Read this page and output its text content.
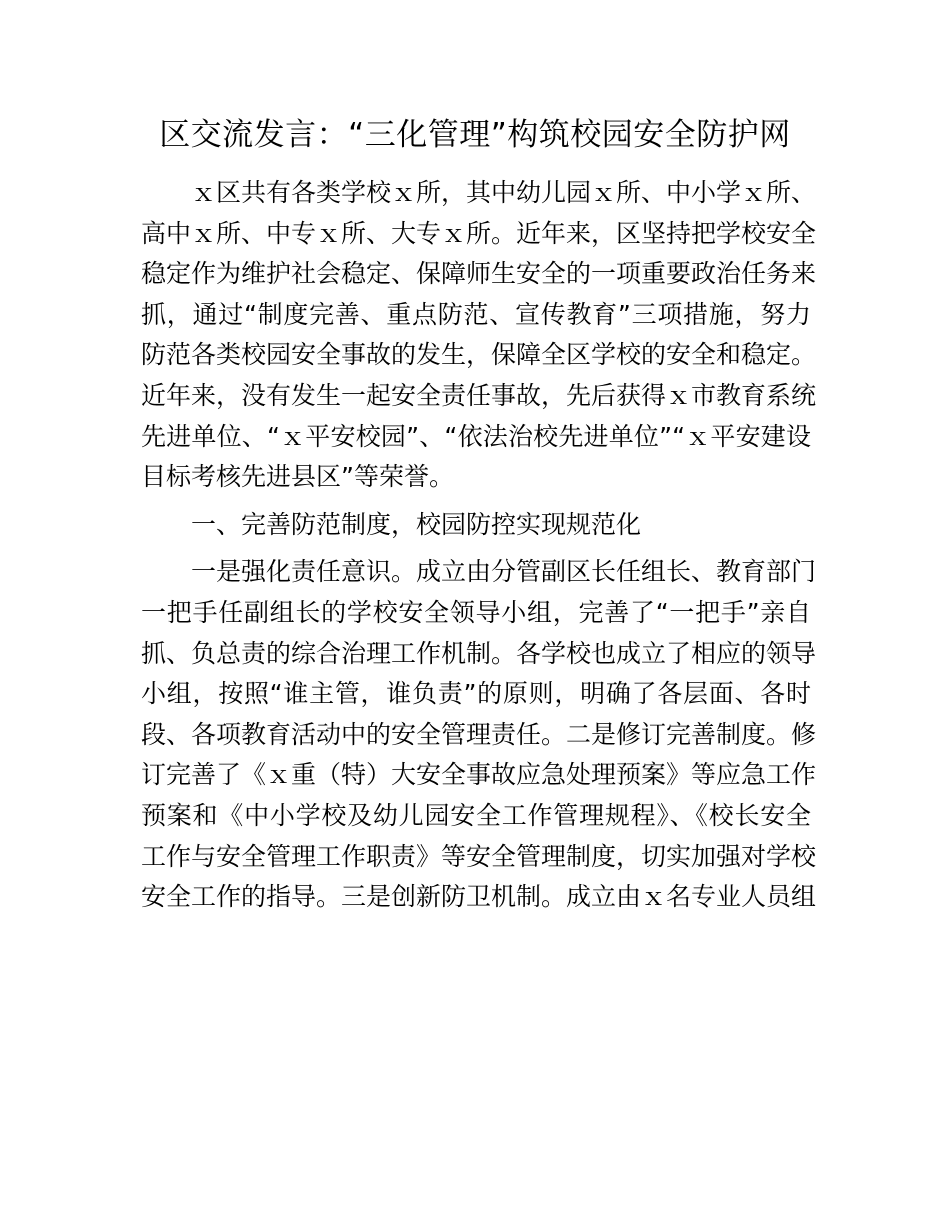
区交流发言：“三化管理”构筑校园安全防护网
ｘ区共有各类学校ｘ所，其中幼儿园ｘ所、中小学ｘ所、
高中ｘ所、中专ｘ所、大专ｘ所。近年来，区坚持把学校安全
稳定作为维护社会稳定、保障师生安全的一项重要政治任务来
抓，通过“制度完善、重点防范、宣传教育”三项措施，努力
防范各类校园安全事故的发生，保障全区学校的安全和稳定。
近年来，没有发生一起安全责任事故，先后获得ｘ市教育系统
先进单位、“ｘ平安校园”、“依法治校先进单位”“ｘ平安建设
目标考核先进县区”等荣誉。
一、完善防范制度，校园防控实现规范化
一是强化责任意识。成立由分管副区长任组长、教育部门
一把手任副组长的学校安全领导小组，完善了“一把手”亲自
抓、负总责的综合治理工作机制。各学校也成立了相应的领导
小组，按照“谁主管，谁负责”的原则，明确了各层面、各时
段、各项教育活动中的安全管理责任。二是修订完善制度。修
订完善了《ｘ重（特）大安全事故应急处理预案》等应急工作
预案和《中小学校及幼儿园安全工作管理规程》、《校长安全
工作与安全管理工作职责》等安全管理制度，切实加强对学校
安全工作的指导。三是创新防卫机制。成立由ｘ名专业人员组
